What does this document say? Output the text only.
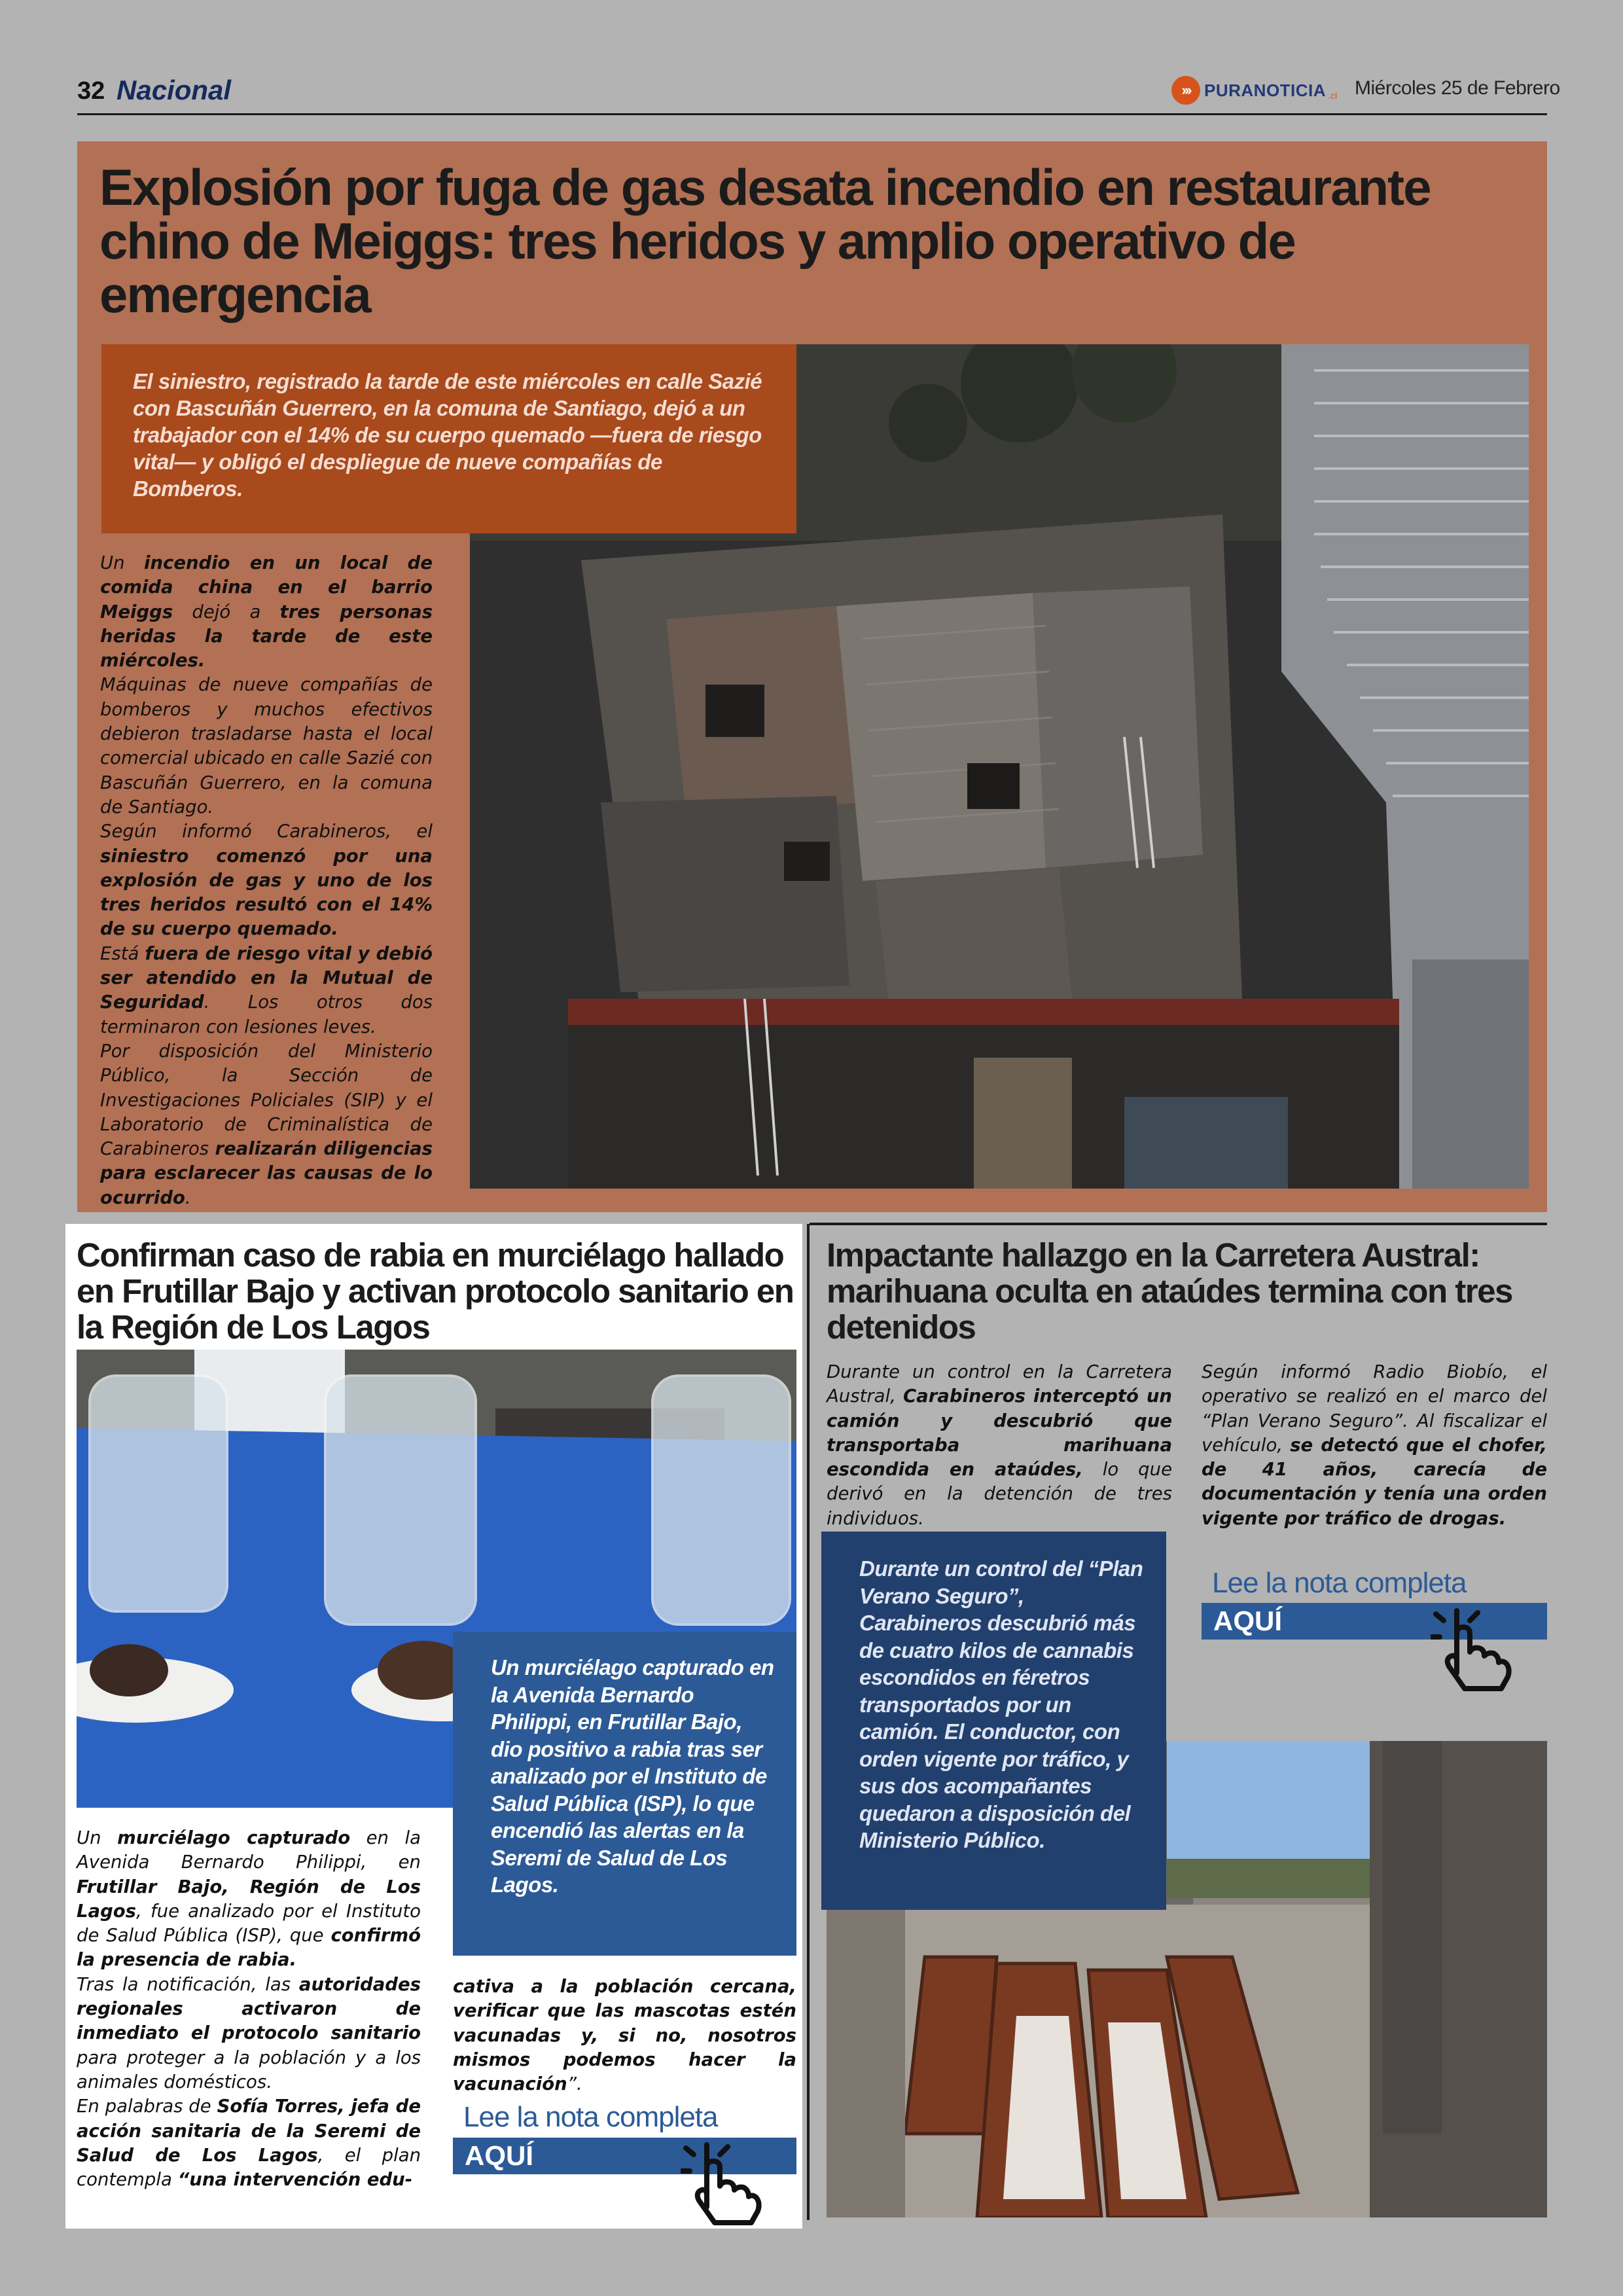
32 Nacional	››› PURANOTICIA .cl Miércoles 25 de Febrero
Explosión por fuga de gas desata incendio en restaurante chino de Meiggs: tres heridos y amplio operativo de emergencia
El siniestro, registrado la tarde de este miércoles en calle Sazié con Bascuñán Guerrero, en la comuna de Santiago, dejó a un trabajador con el 14% de su cuerpo quemado —fuera de riesgo vital— y obligó el despliegue de nueve compañías de Bomberos.

Un incendio en un local de comida china en el barrio Meiggs dejó a tres personas heridas la tarde de este miércoles.

Máquinas de nueve compañías de bomberos y muchos efectivos debieron trasladarse hasta el local comercial ubicado en calle Sazié con Bascuñán Guerrero, en la comuna de Santiago.

Según informó Carabineros, el siniestro comenzó por una explosión de gas y uno de los tres heridos resultó con el 14% de su cuerpo quemado.

Está fuera de riesgo vital y debió ser atendido en la Mutual de Seguridad. Los otros dos terminaron con lesiones leves.

Por disposición del Ministerio Público, la Sección de Investigaciones Policiales (SIP) y el Laboratorio de Criminalística de Carabineros realizarán diligencias para esclarecer las causas de lo ocurrido.

Confirman caso de rabia en murciélago hallado en Frutillar Bajo y activan protocolo sanitario en la Región de Los Lagos
Un murciélago capturado en la Avenida Bernardo Philippi, en Frutillar Bajo, dio positivo a rabia tras ser analizado por el Instituto de Salud Pública (ISP), lo que encendió las alertas en la Seremi de Salud de Los Lagos.

Un murciélago capturado en la Avenida Bernardo Philippi, en Frutillar Bajo, Región de Los Lagos, fue analizado por el Instituto de Salud Pública (ISP), que confirmó la presencia de rabia.

Tras la notificación, las autoridades regionales activaron de inmediato el protocolo sanitario para proteger a la población y a los animales domésticos.

En palabras de Sofía Torres, jefa de acción sanitaria de la Seremi de Salud de Los Lagos, el plan contempla “una intervención edu-

cativa a la población cercana, verificar que las mascotas estén vacunadas y, si no, nosotros mismos podemos hacer la vacunación”.
Lee la nota completa
AQUÍ
Impactante hallazgo en la Carretera Austral: marihuana oculta en ataúdes termina con tres detenidos
Durante un control en la Carretera Austral, Carabineros interceptó un camión y descubrió que transportaba marihuana escondida en ataúdes, lo que derivó en la detención de tres individuos.
Según informó Radio Biobío, el operativo se realizó en el marco del “Plan Verano Seguro”. Al fiscalizar el vehículo, se detectó que el chofer, de 41 años, carecía de documentación y tenía una orden vigente por tráfico de drogas.
Durante un control del “Plan Verano Seguro”, Carabineros descubrió más de cuatro kilos de cannabis escondidos en féretros transportados por un camión. El conductor, con orden vigente por tráfico, y sus dos acompañantes quedaron a disposición del Ministerio Público.
Lee la nota completa
AQUÍ
